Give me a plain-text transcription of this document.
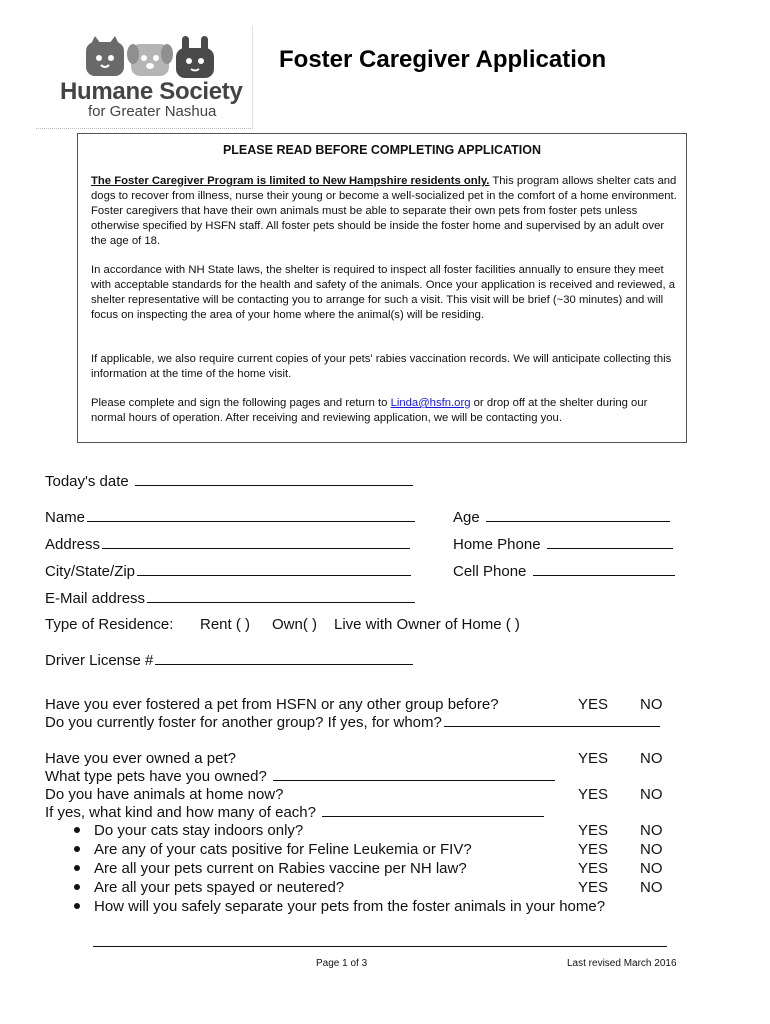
Humane Society
for Greater Nashua
Foster Caregiver Application
PLEASE READ BEFORE COMPLETING APPLICATION
The Foster Caregiver Program is limited to New Hampshire residents only. This program allows shelter cats and dogs to recover from illness, nurse their young or become a well-socialized pet in the comfort of a home environment. Foster caregivers that have their own animals must be able to separate their own pets from foster pets unless otherwise specified by HSFN staff. All foster pets should be inside the foster home and supervised by an adult over the age of 18.
In accordance with NH State laws, the shelter is required to inspect all foster facilities annually to ensure they meet with acceptable standards for the health and safety of the animals. Once your application is received and reviewed, a shelter representative will be contacting you to arrange for such a visit. This visit will be brief (~30 minutes) and will focus on inspecting the area of your home where the animal(s) will be residing.
If applicable, we also require current copies of your pets' rabies vaccination records. We will anticipate collecting this information at the time of the home visit.
Please complete and sign the following pages and return to Linda@hsfn.org or drop off at the shelter during our normal hours of operation. After receiving and reviewing application, we will be contacting you.
Today's date
Name	Age
Address	Home Phone
City/State/Zip	Cell Phone
E-Mail address
Type of Residence: Rent ( ) Own( ) Live with Owner of Home ( )
Driver License #
Have you ever fostered a pet from HSFN or any other group before?	YES NO
Do you currently foster for another group? If yes, for whom?
Have you ever owned a pet?	YES NO
What type pets have you owned?
Do you have animals at home now?	YES NO
If yes, what kind and how many of each?
Do your cats stay indoors only?	YES NO
Are any of your cats positive for Feline Leukemia or FIV?	YES NO
Are all your pets current on Rabies vaccine per NH law?	YES NO
Are all your pets spayed or neutered?	YES NO
How will you safely separate your pets from the foster animals in your home?
Page 1 of 3	Last revised March 2016
